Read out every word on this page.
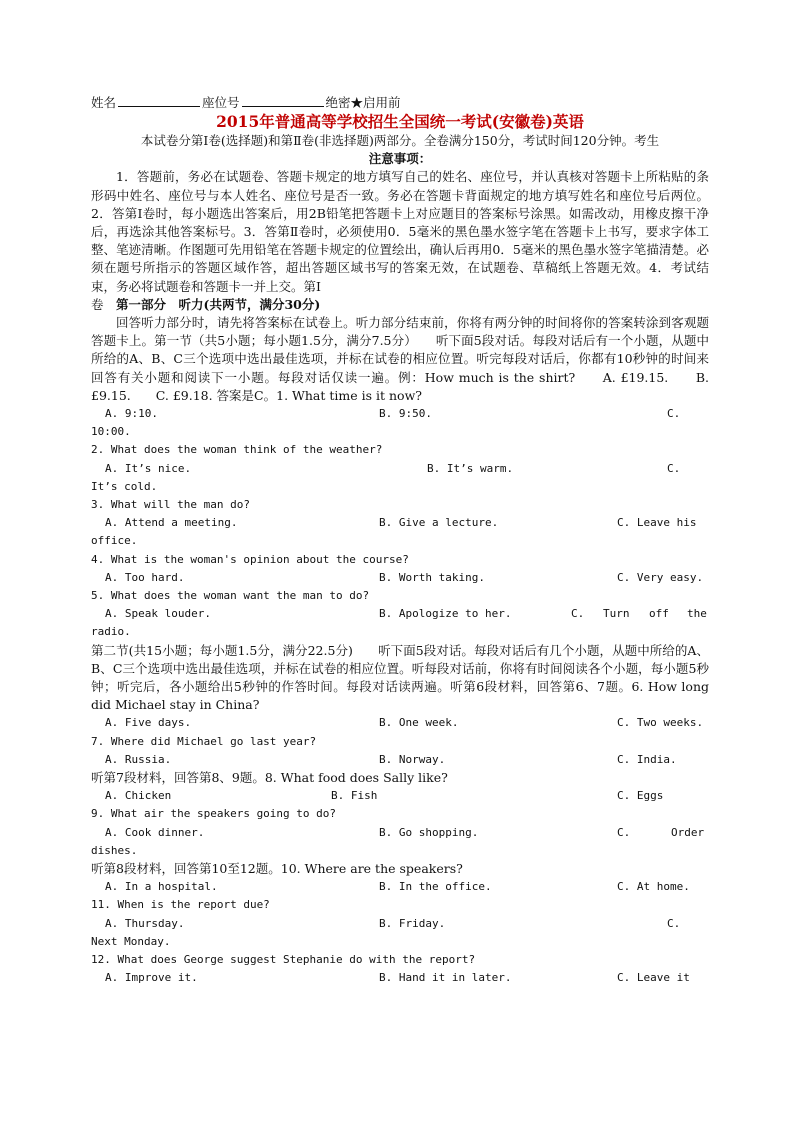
姓名	座位号	绝密★启用前

2015年普通高等学校招生全国统一考试(安徽卷)英语

本试卷分第Ⅰ卷(选择题)和第Ⅱ卷(非选择题)两部分。全卷满分150分，考试时间120分钟。考生

注意事项：

1．答题前，务必在试题卷、答题卡规定的地方填写自己的姓名、座位号，并认真核对答题卡上所粘贴的条形码中姓名、座位号与本人姓名、座位号是否一致。务必在答题卡背面规定的地方填写姓名和座位号后两位。2．答第Ⅰ卷时，每小题选出答案后，用2B铅笔把答题卡上对应题目的答案标号涂黑。如需改动，用橡皮擦干净后，再选涂其他答案标号。3．答第Ⅱ卷时，必须使用0．5毫米的黑色墨水签字笔在答题卡上书写，要求字体工整、笔迹清晰。作图题可先用铅笔在答题卡规定的位置绘出，确认后再用0．5毫米的黑色墨水签字笔描清楚。必须在题号所指示的答题区域作答，超出答题区域书写的答案无效，在试题卷、草稿纸上答题无效。4．考试结束，务必将试题卷和答题卡一并上交。第Ⅰ

卷　 第一部分　听力(共两节，满分30分)

回答听力部分时，请先将答案标在试卷上。听力部分结束前，你将有两分钟的时间将你的答案转涂到客观题答题卡上。第一节（共5小题；每小题1.5分，满分7.5分）　　听下面5段对话。每段对话后有一个小题，从题中所给的A、B、C三个选项中选出最佳选项，并标在试卷的相应位置。听完每段对话后，你都有10秒钟的时间来回答有关小题和阅读下一小题。每段对话仅读一遍。例：How much is the shirt?　　A. £19.15.　　B. £9.15.　　C. £9.18. 答案是C。1. What time is it now?

A. 9:10.	B. 9:50.	C.
10:00.
2. What does the woman think of the weather?
A. It’s nice.	B. It’s warm.	C.
It’s cold.
3. What will the man do?
A. Attend a meeting.	B. Give a lecture.	C. Leave his
office.
4. What is the woman's opinion about the course?
A. Too hard.	B. Worth taking.	C. Very easy.
5. What does the woman want the man to do?
A. Speak louder.	B. Apologize to her.	C. Turn off the
radio.

第二节(共15小题；每小题1.5分，满分22.5分)　　听下面5段对话。每段对话后有几个小题，从题中所给的A、B、C三个选项中选出最佳选项，并标在试卷的相应位置。听每段对话前，你将有时间阅读各个小题，每小题5秒钟；听完后，各小题给出5秒钟的作答时间。每段对话读两遍。听第6段材料，回答第6、7题。6. How long did Michael stay in China?

A. Five days.	B. One week.	C. Two weeks.
7. Where did Michael go last year?
A. Russia.	B. Norway.	C. India.

听第7段材料，回答第8、9题。8. What food does Sally like?

A. Chicken	B. Fish	C. Eggs
9. What air the speakers going to do?
A. Cook dinner.	B. Go shopping.	C.	Order
dishes.

听第8段材料，回答第10至12题。10. Where are the speakers?

A. In a hospital.	B. In the office.	C. At home.
11. When is the report due?
A. Thursday.	B. Friday.	C.
Next Monday.
12. What does George suggest Stephanie do with the report?
A. Improve it.	B. Hand it in later.	C. Leave it
